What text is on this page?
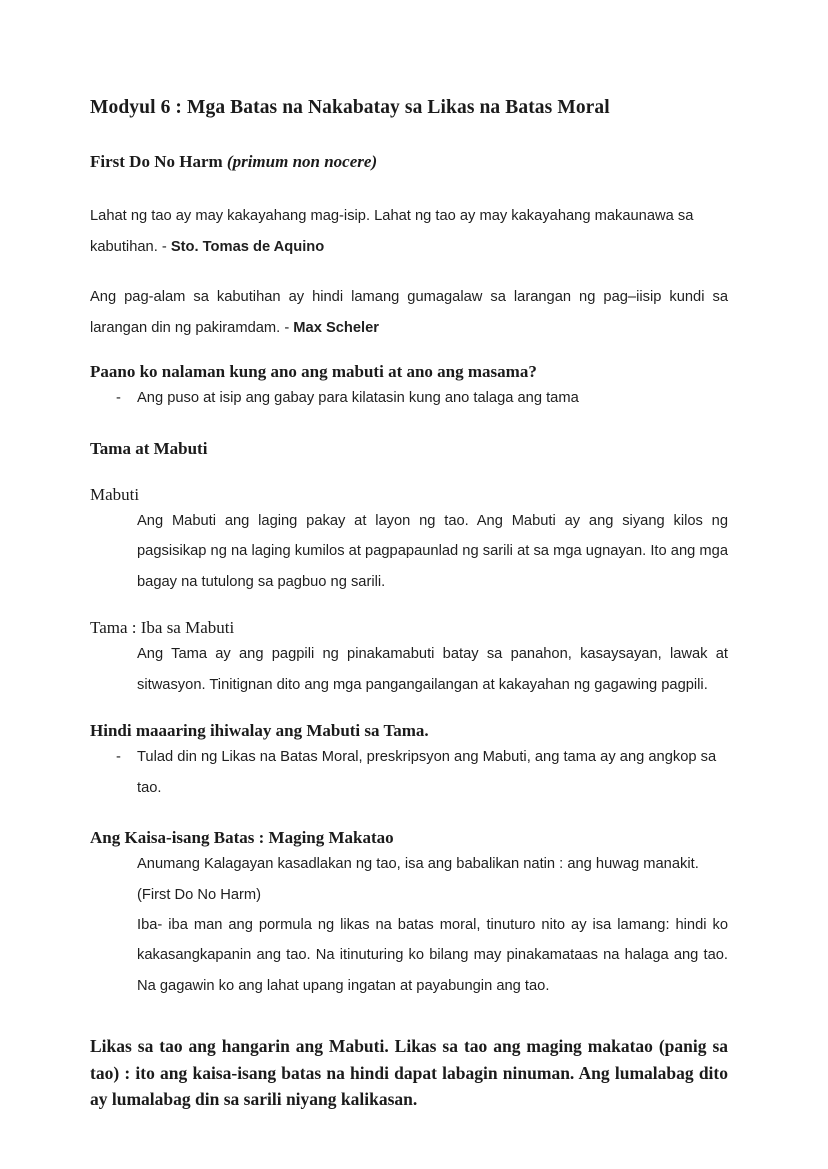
Modyul 6 : Mga Batas na Nakabatay sa Likas na Batas Moral

First Do No Harm (primum non nocere)

Lahat ng tao ay may kakayahang mag-isip. Lahat ng tao ay may kakayahang makaunawa sa kabutihan. - Sto. Tomas de Aquino

Ang pag-alam sa kabutihan ay hindi lamang gumagalaw sa larangan ng pag–iisip kundi sa larangan din ng pakiramdam. - Max Scheler

Paano ko nalaman kung ano ang mabuti at ano ang masama?

- Ang puso at isip ang gabay para kilatasin kung ano talaga ang tama

Tama at Mabuti

Mabuti

Ang Mabuti ang laging pakay at layon ng tao. Ang Mabuti ay ang siyang kilos ng pagsisikap ng na laging kumilos at pagpapaunlad ng sarili at sa mga ugnayan. Ito ang mga bagay na tutulong sa pagbuo ng sarili.

Tama : Iba sa Mabuti

Ang Tama ay ang pagpili ng pinakamabuti batay sa panahon, kasaysayan, lawak at sitwasyon. Tinitignan dito ang mga pangangailangan at kakayahan ng gagawing pagpili.

Hindi maaaring ihiwalay ang Mabuti sa Tama.

- Tulad din ng Likas na Batas Moral, preskripsyon ang Mabuti, ang tama ay ang angkop sa tao.

Ang Kaisa-isang Batas : Maging Makatao

Anumang Kalagayan kasadlakan ng tao, isa ang babalikan natin : ang huwag manakit.

(First Do No Harm)

Iba- iba man ang pormula ng likas na batas moral, tinuturo nito ay isa lamang: hindi ko kakasangkapanin ang tao. Na itinuturing ko bilang may pinakamataas na halaga ang tao. Na gagawin ko ang lahat upang ingatan at payabungin ang tao.

Likas sa tao ang hangarin ang Mabuti. Likas sa tao ang maging makatao (panig sa tao) : ito ang kaisa-isang batas na hindi dapat labagin ninuman. Ang lumalabag dito ay lumalabag din sa sarili niyang kalikasan.
